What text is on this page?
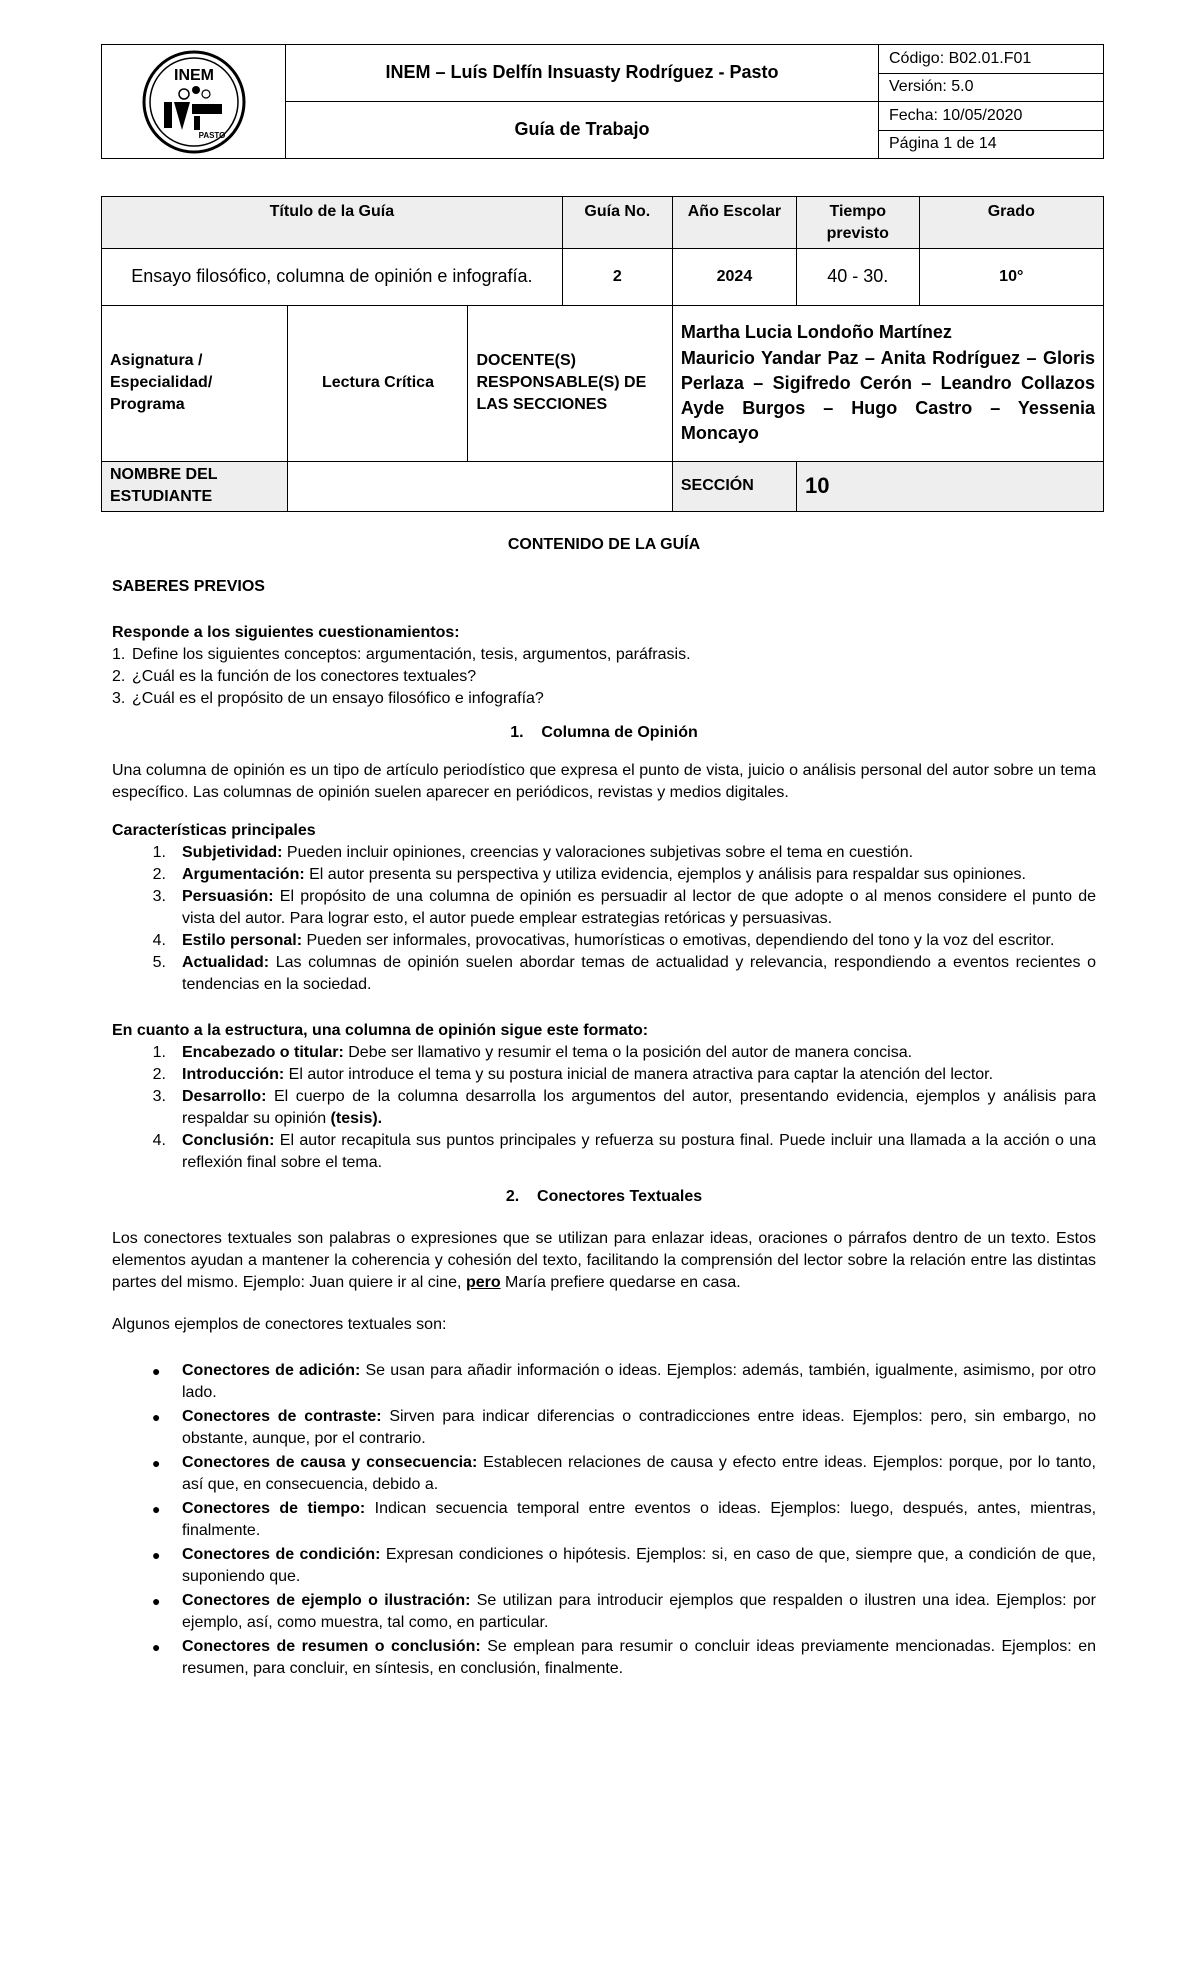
INEM
PASTO
INEM – Luís Delfín Insuasty Rodríguez - Pasto
Guía de Trabajo
Código: B02.01.F01
Versión: 5.0
Fecha: 10/05/2020
Página 1 de 14
Título de la Guía			Guía No.	Año Escolar	Tiempo previsto	Grado
Ensayo filosófico, columna de opinión e infografía.			2	2024	40 - 30.	10°
Asignatura / Especialidad/ Programa	Lectura Crítica	DOCENTE(S) RESPONSABLE(S) DE LAS SECCIONES		Martha Lucia Londoño Martínez
Mauricio Yandar Paz – Anita Rodríguez – Gloris Perlaza – Sigifredo Cerón – Leandro Collazos Ayde Burgos – Hugo Castro – Yessenia Moncayo		

NOMBRE DEL ESTUDIANTE				SECCIÓN	10	

CONTENIDO DE LA GUÍA

SABERES PREVIOS

Responde a los siguientes cuestionamientos:

1. Define los siguientes conceptos: argumentación, tesis, argumentos, paráfrasis.
2. ¿Cuál es la función de los conectores textuales?
3. ¿Cuál es el propósito de un ensayo filosófico e infografía?

1.    Columna de Opinión

Una columna de opinión es un tipo de artículo periodístico que expresa el punto de vista, juicio o análisis personal del autor sobre un tema específico. Las columnas de opinión suelen aparecer en periódicos, revistas y medios digitales.

Características principales

1.	Subjetividad: Pueden incluir opiniones, creencias y valoraciones subjetivas sobre el tema en cuestión.
2.	Argumentación: El autor presenta su perspectiva y utiliza evidencia, ejemplos y análisis para respaldar sus opiniones.
3.	Persuasión: El propósito de una columna de opinión es persuadir al lector de que adopte o al menos considere el punto de vista del autor. Para lograr esto, el autor puede emplear estrategias retóricas y persuasivas.
4.	Estilo personal: Pueden ser informales, provocativas, humorísticas o emotivas, dependiendo del tono y la voz del escritor.
5.	Actualidad: Las columnas de opinión suelen abordar temas de actualidad y relevancia, respondiendo a eventos recientes o tendencias en la sociedad.

En cuanto a la estructura, una columna de opinión sigue este formato:

1.	Encabezado o titular: Debe ser llamativo y resumir el tema o la posición del autor de manera concisa.
2.	Introducción: El autor introduce el tema y su postura inicial de manera atractiva para captar la atención del lector.
3.	Desarrollo: El cuerpo de la columna desarrolla los argumentos del autor, presentando evidencia, ejemplos y análisis para respaldar su opinión (tesis).
4.	Conclusión: El autor recapitula sus puntos principales y refuerza su postura final. Puede incluir una llamada a la acción o una reflexión final sobre el tema.

2.    Conectores Textuales

Los conectores textuales son palabras o expresiones que se utilizan para enlazar ideas, oraciones o párrafos dentro de un texto. Estos elementos ayudan a mantener la coherencia y cohesión del texto, facilitando la comprensión del lector sobre la relación entre las distintas partes del mismo. Ejemplo: Juan quiere ir al cine, pero María prefiere quedarse en casa.

Algunos ejemplos de conectores textuales son:

●	Conectores de adición: Se usan para añadir información o ideas. Ejemplos: además, también, igualmente, asimismo, por otro lado.
●	Conectores de contraste: Sirven para indicar diferencias o contradicciones entre ideas. Ejemplos: pero, sin embargo, no obstante, aunque, por el contrario.
●	Conectores de causa y consecuencia: Establecen relaciones de causa y efecto entre ideas. Ejemplos: porque, por lo tanto, así que, en consecuencia, debido a.
●	Conectores de tiempo: Indican secuencia temporal entre eventos o ideas. Ejemplos: luego, después, antes, mientras, finalmente.
●	Conectores de condición: Expresan condiciones o hipótesis. Ejemplos: si, en caso de que, siempre que, a condición de que, suponiendo que.
●	Conectores de ejemplo o ilustración: Se utilizan para introducir ejemplos que respalden o ilustren una idea. Ejemplos: por ejemplo, así, como muestra, tal como, en particular.
●	Conectores de resumen o conclusión: Se emplean para resumir o concluir ideas previamente mencionadas. Ejemplos: en resumen, para concluir, en síntesis, en conclusión, finalmente.
